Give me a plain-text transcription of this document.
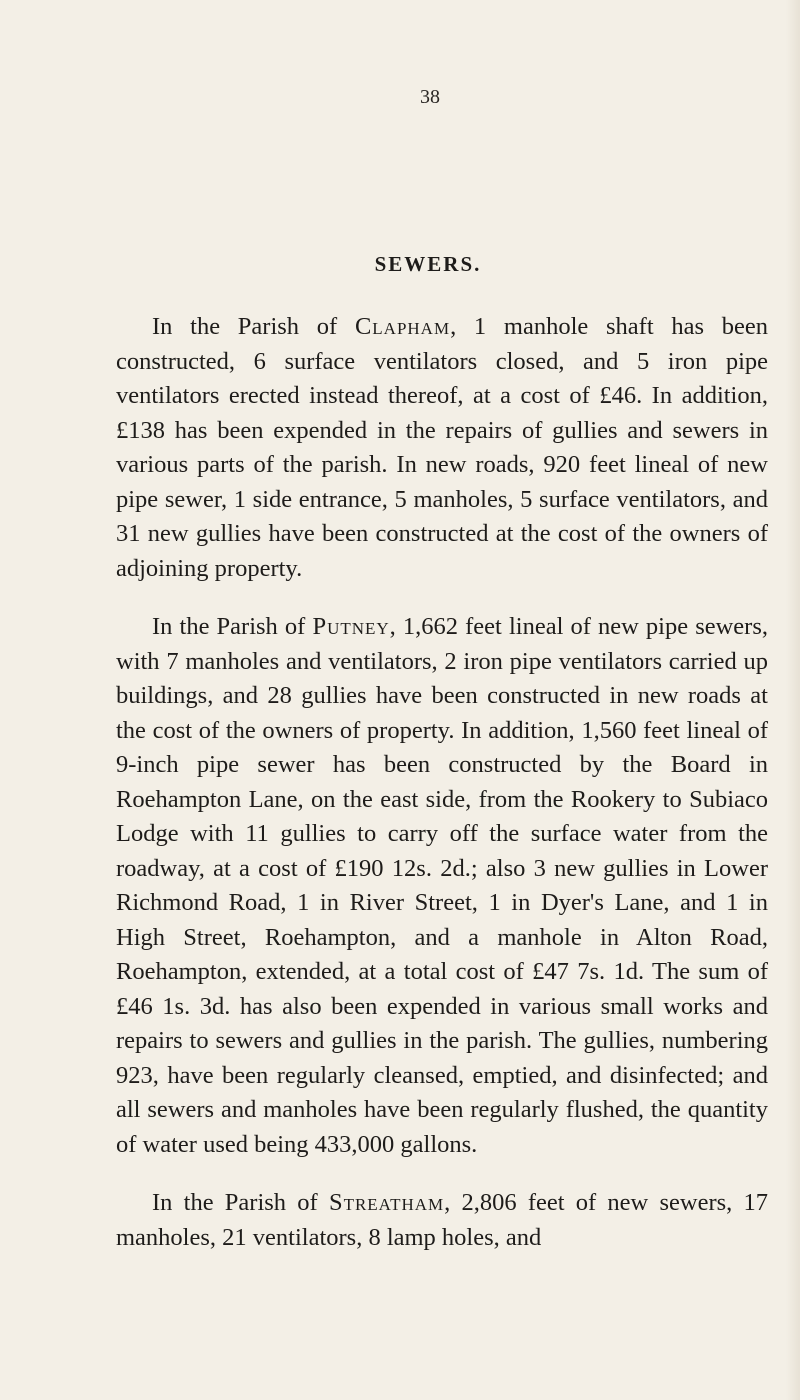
38
SEWERS.

In the Parish of Clapham, 1 manhole shaft has been constructed, 6 surface ventilators closed, and 5 iron pipe ventilators erected instead thereof, at a cost of £46. In addition, £138 has been expended in the repairs of gullies and sewers in various parts of the parish. In new roads, 920 feet lineal of new pipe sewer, 1 side entrance, 5 manholes, 5 surface ventilators, and 31 new gullies have been constructed at the cost of the owners of adjoining property.

In the Parish of Putney, 1,662 feet lineal of new pipe sewers, with 7 manholes and ventilators, 2 iron pipe ventilators carried up buildings, and 28 gullies have been constructed in new roads at the cost of the owners of property. In addition, 1,560 feet lineal of 9-inch pipe sewer has been constructed by the Board in Roehampton Lane, on the east side, from the Rookery to Subiaco Lodge with 11 gullies to carry off the surface water from the roadway, at a cost of £190 12s. 2d.; also 3 new gullies in Lower Richmond Road, 1 in River Street, 1 in Dyer's Lane, and 1 in High Street, Roehampton, and a manhole in Alton Road, Roehampton, extended, at a total cost of £47 7s. 1d. The sum of £46 1s. 3d. has also been expended in various small works and repairs to sewers and gullies in the parish. The gullies, numbering 923, have been regularly cleansed, emptied, and disinfected; and all sewers and manholes have been regularly flushed, the quantity of water used being 433,000 gallons.

In the Parish of Streatham, 2,806 feet of new sewers, 17 manholes, 21 ventilators, 8 lamp holes, and
